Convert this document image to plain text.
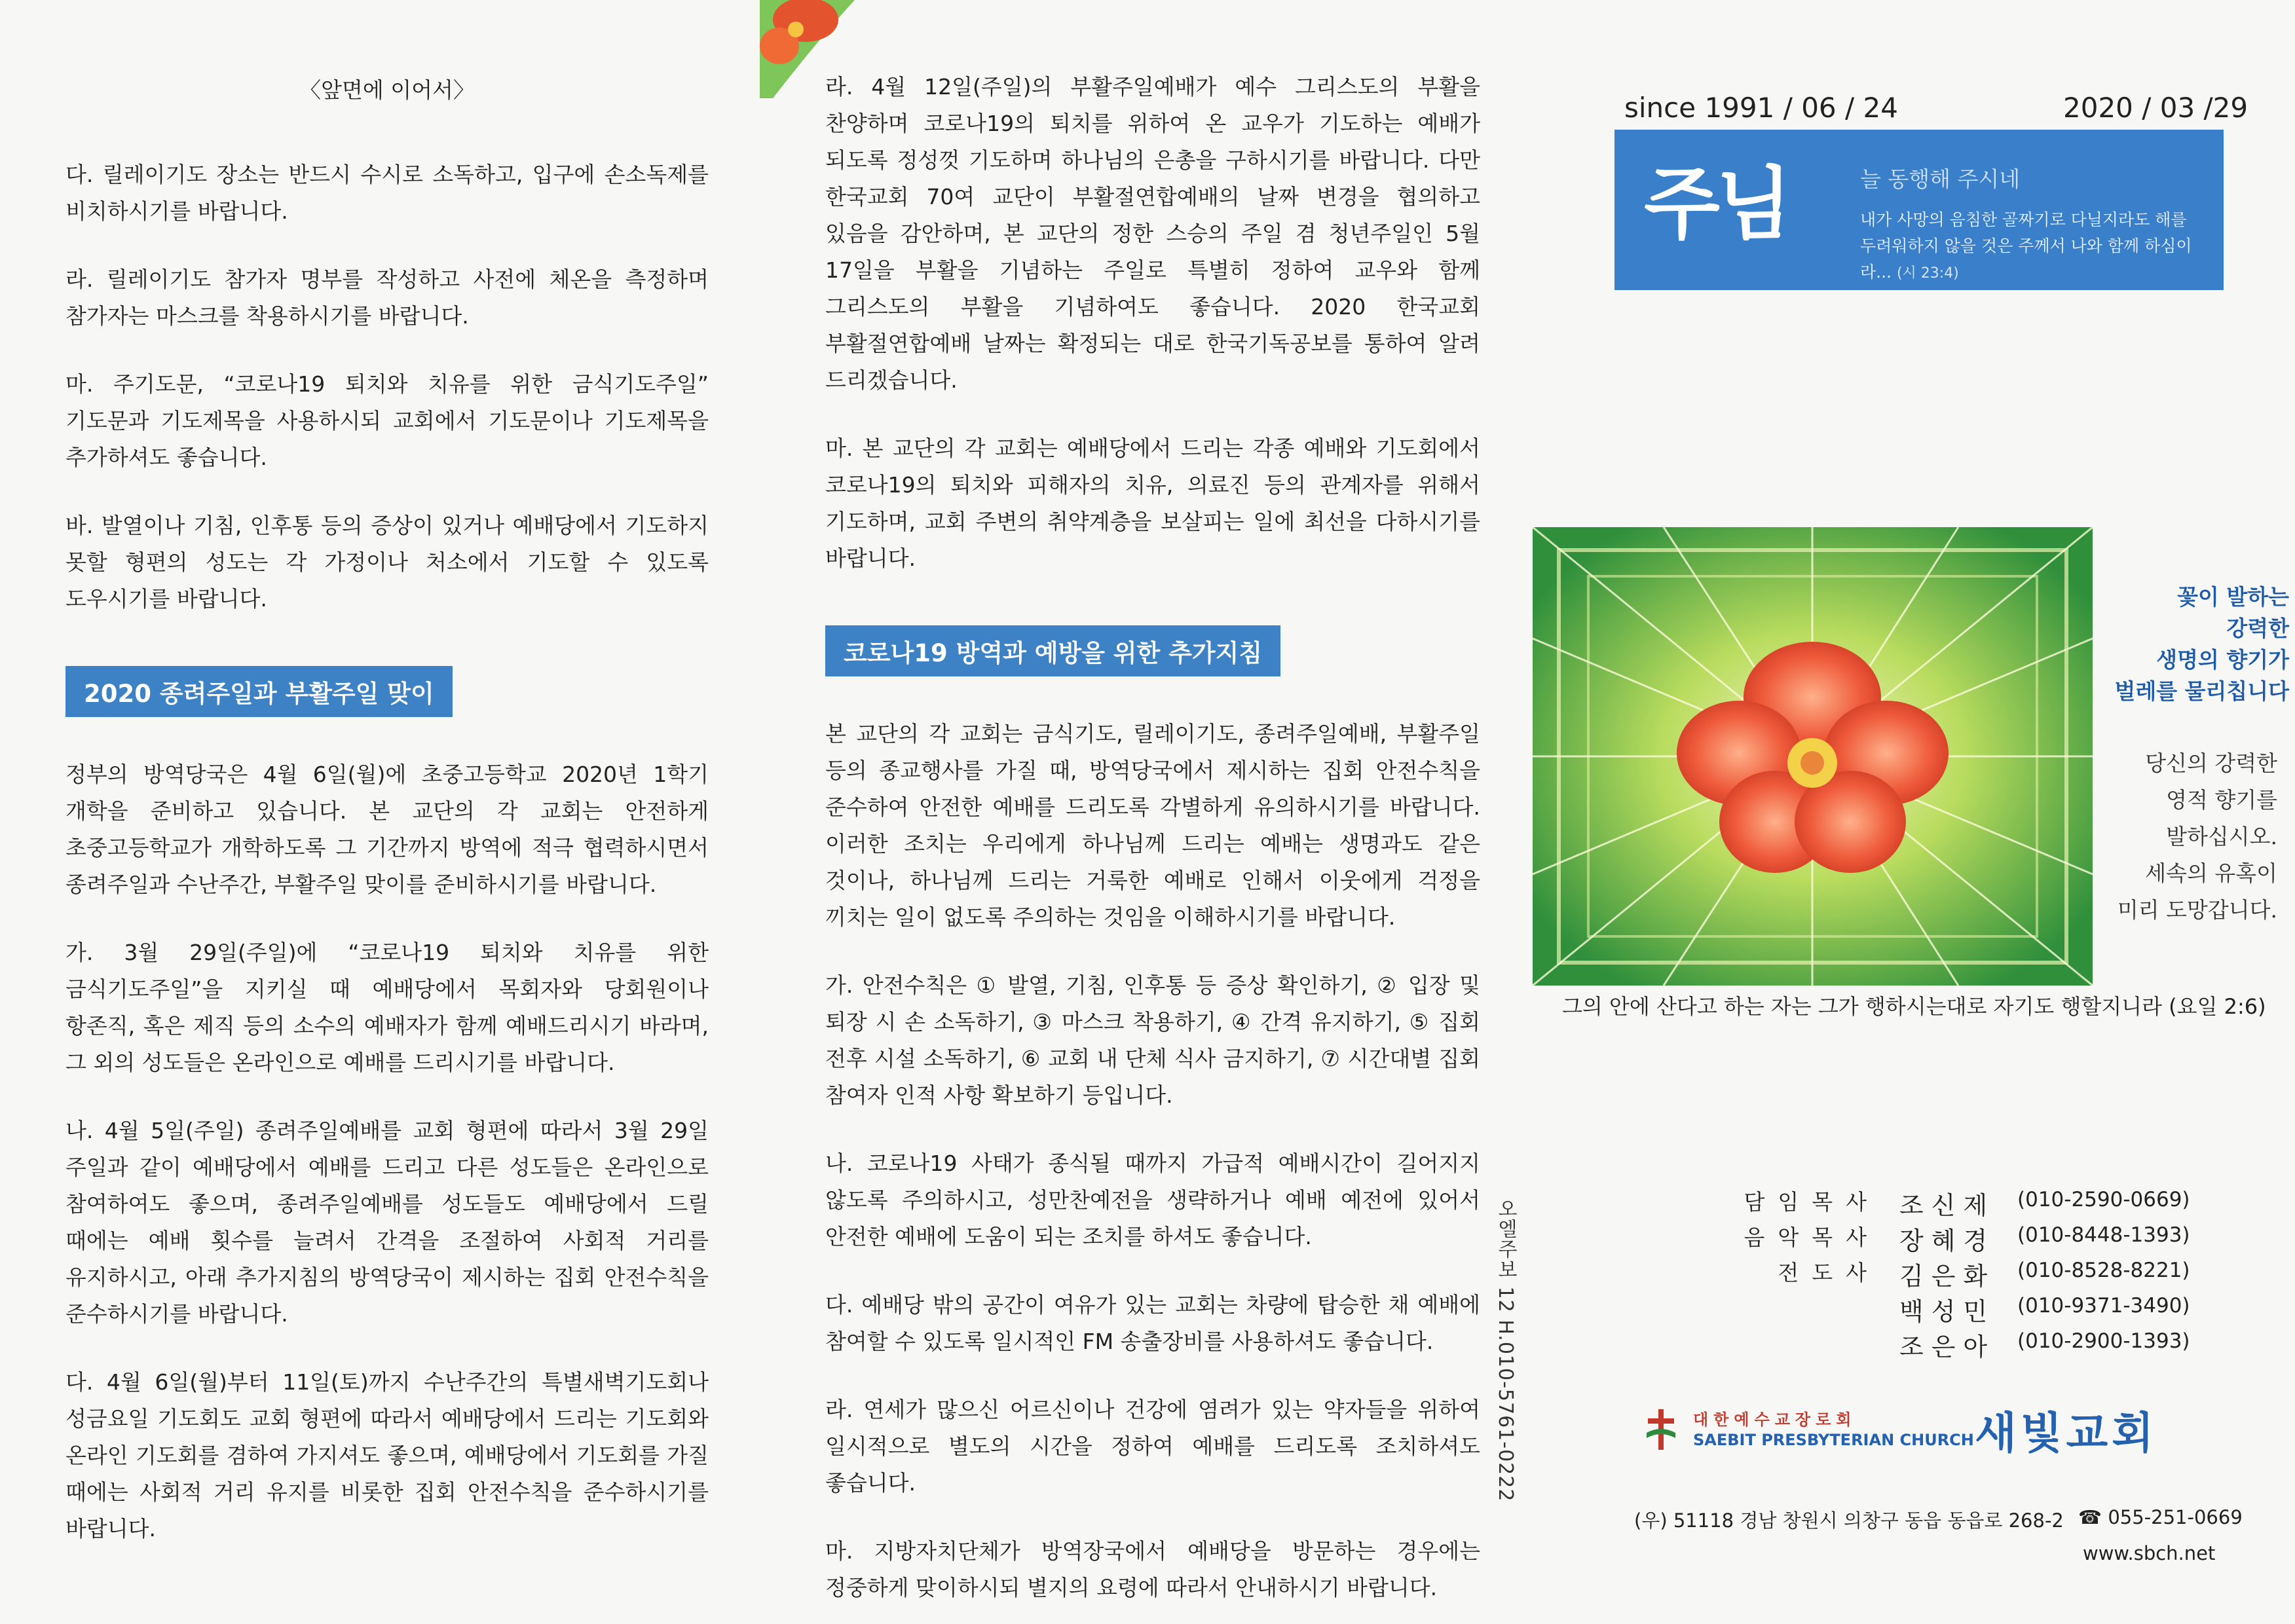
〈앞면에 이어서〉

다. 릴레이기도 장소는 반드시 수시로 소독하고, 입구에 손소독제를 비치하시기를 바랍니다.

라. 릴레이기도 참가자 명부를 작성하고 사전에 체온을 측정하며 참가자는 마스크를 착용하시기를 바랍니다.

마. 주기도문, “코로나19 퇴치와 치유를 위한 금식기도주일” 기도문과 기도제목을 사용하시되 교회에서 기도문이나 기도제목을 추가하셔도 좋습니다.

바. 발열이나 기침, 인후통 등의 증상이 있거나 예배당에서 기도하지 못할 형편의 성도는 각 가정이나 처소에서 기도할 수 있도록 도우시기를 바랍니다.

2020 종려주일과 부활주일 맞이

정부의 방역당국은 4월 6일(월)에 초중고등학교 2020년 1학기 개학을 준비하고 있습니다. 본 교단의 각 교회는 안전하게 초중고등학교가 개학하도록 그 기간까지 방역에 적극 협력하시면서 종려주일과 수난주간, 부활주일 맞이를 준비하시기를 바랍니다.

가. 3월 29일(주일)에 “코로나19 퇴치와 치유를 위한 금식기도주일”을 지키실 때 예배당에서 목회자와 당회원이나 항존직, 혹은 제직 등의 소수의 예배자가 함께 예배드리시기 바라며, 그 외의 성도들은 온라인으로 예배를 드리시기를 바랍니다.

나. 4월 5일(주일) 종려주일예배를 교회 형편에 따라서 3월 29일 주일과 같이 예배당에서 예배를 드리고 다른 성도들은 온라인으로 참여하여도 좋으며, 종려주일예배를 성도들도 예배당에서 드릴 때에는 예배 횟수를 늘려서 간격을 조절하여 사회적 거리를 유지하시고, 아래 추가지침의 방역당국이 제시하는 집회 안전수칙을 준수하시기를 바랍니다.

다. 4월 6일(월)부터 11일(토)까지 수난주간의 특별새벽기도회나 성금요일 기도회도 교회 형편에 따라서 예배당에서 드리는 기도회와 온라인 기도회를 겸하여 가지셔도 좋으며, 예배당에서 기도회를 가질 때에는 사회적 거리 유지를 비롯한 집회 안전수칙을 준수하시기를 바랍니다.

라. 4월 12일(주일)의 부활주일예배가 예수 그리스도의 부활을 찬양하며 코로나19의 퇴치를 위하여 온 교우가 기도하는 예배가 되도록 정성껏 기도하며 하나님의 은총을 구하시기를 바랍니다. 다만 한국교회 70여 교단이 부활절연합예배의 날짜 변경을 협의하고 있음을 감안하며, 본 교단의 정한 스승의 주일 겸 청년주일인 5월 17일을 부활을 기념하는 주일로 특별히 정하여 교우와 함께 그리스도의 부활을 기념하여도 좋습니다. 2020 한국교회 부활절연합예배 날짜는 확정되는 대로 한국기독공보를 통하여 알려 드리겠습니다.

마. 본 교단의 각 교회는 예배당에서 드리는 각종 예배와 기도회에서 코로나19의 퇴치와 피해자의 치유, 의료진 등의 관계자를 위해서 기도하며, 교회 주변의 취약계층을 보살피는 일에 최선을 다하시기를 바랍니다.

코로나19 방역과 예방을 위한 추가지침

본 교단의 각 교회는 금식기도, 릴레이기도, 종려주일예배, 부활주일 등의 종교행사를 가질 때, 방역당국에서 제시하는 집회 안전수칙을 준수하여 안전한 예배를 드리도록 각별하게 유의하시기를 바랍니다. 이러한 조치는 우리에게 하나님께 드리는 예배는 생명과도 같은 것이나, 하나님께 드리는 거룩한 예배로 인해서 이웃에게 걱정을 끼치는 일이 없도록 주의하는 것임을 이해하시기를 바랍니다.

가. 안전수칙은 ① 발열, 기침, 인후통 등 증상 확인하기, ② 입장 및 퇴장 시 손 소독하기, ③ 마스크 착용하기, ④ 간격 유지하기, ⑤ 집회 전후 시설 소독하기, ⑥ 교회 내 단체 식사 금지하기, ⑦ 시간대별 집회 참여자 인적 사항 확보하기 등입니다.

나. 코로나19 사태가 종식될 때까지 가급적 예배시간이 길어지지 않도록 주의하시고, 성만찬예전을 생략하거나 예배 예전에 있어서 안전한 예배에 도움이 되는 조치를 하셔도 좋습니다.

다. 예배당 밖의 공간이 여유가 있는 교회는 차량에 탑승한 채 예배에 참여할 수 있도록 일시적인 FM 송출장비를 사용하셔도 좋습니다.

라. 연세가 많으신 어르신이나 건강에 염려가 있는 약자들을 위하여 일시적으로 별도의 시간을 정하여 예배를 드리도록 조치하셔도 좋습니다.

마. 지방자치단체가 방역장국에서 예배당을 방문하는 경우에는 정중하게 맞이하시되 별지의 요령에 따라서 안내하시기 바랍니다.

오엘주보 12 H.010-5761-0222
since 1991 / 06 / 24	2020 / 03 /29
주님	늘 동행해 주시네
내가 사망의 음침한 골짜기로 다닐지라도 해를 두려워하지 않을 것은 주께서 나와 함께 하심이라... (시 23:4)
꽃이 발하는
강력한
생명의 향기가
벌레를 물리칩니다
당신의 강력한
영적 향기를
발하십시오.
세속의 유혹이
미리 도망갑니다.
그의 안에 산다고 하는 자는 그가 행하시는대로 자기도 행할지니라 (요일 2:6)
담임목사 조신제 (010-2590-0669)
음악목사 장혜경 (010-8448-1393)
전도사 김은화 (010-8528-8221)
백성민 (010-9371-3490)
조은아 (010-2900-1393)
대한예수교장로회
SAEBIT PRESBYTERIAN CHURCH 새빛교회
(우) 51118 경남 창원시 의창구 동읍 동읍로 268-2 ☎ 055-251-0669
www.sbch.net
